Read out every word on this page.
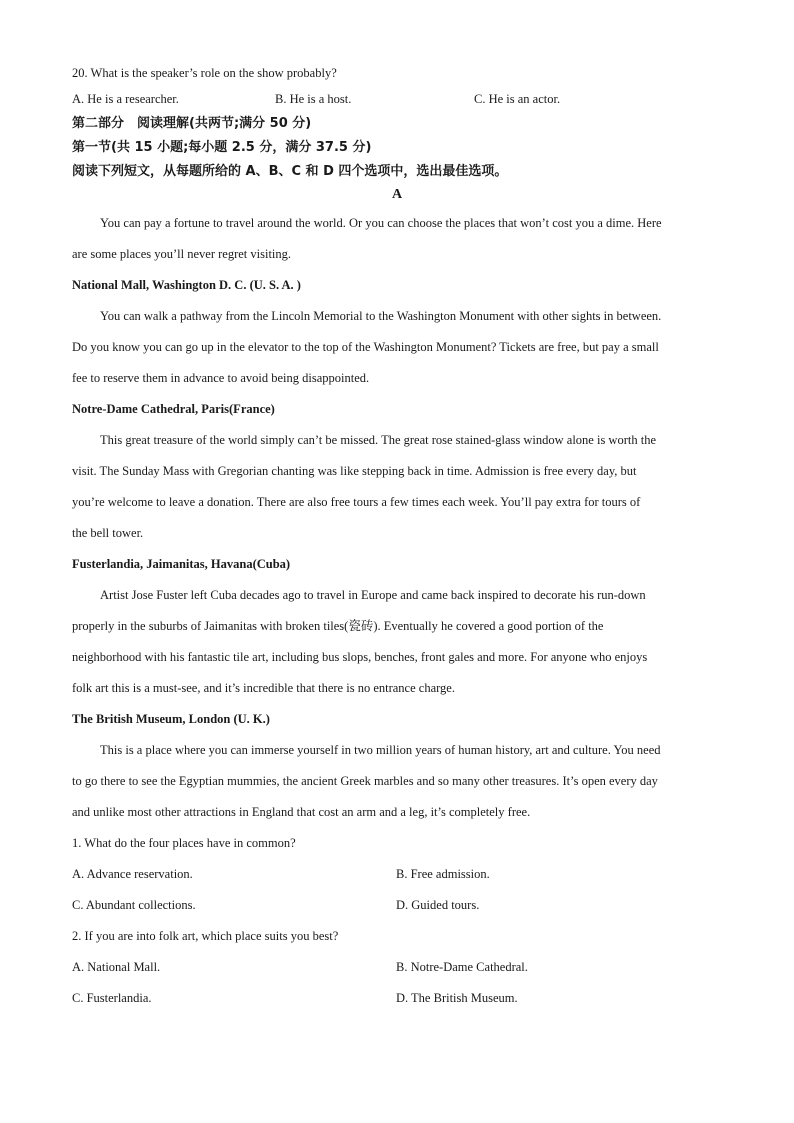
20. What is the speaker’s role on the show probably?
A. He is a researcher.	B. He is a host.	C. He is an actor.
第二部分　阅读理解(共两节;满分 50 分)
第一节(共 15 小题;每小题 2.5 分，满分 37.5 分)
阅读下列短文，从每题所给的 A、B、C 和 D 四个选项中，选出最佳选项。
A
You can pay a fortune to travel around the world. Or you can choose the places that won’t cost you a dime. Here
are some places you’ll never regret visiting.
National Mall, Washington D. C. (U. S. A. )
You can walk a pathway from the Lincoln Memorial to the Washington Monument with other sights in between.
Do you know you can go up in the elevator to the top of the Washington Monument? Tickets are free, but pay a small
fee to reserve them in advance to avoid being disappointed.
Notre-Dame Cathedral, Paris(France)
This great treasure of the world simply can’t be missed. The great rose stained-glass window alone is worth the
visit. The Sunday Mass with Gregorian chanting was like stepping back in time. Admission is free every day, but
you’re welcome to leave a donation. There are also free tours a few times each week. You’ll pay extra for tours of
the bell tower.
Fusterlandia, Jaimanitas, Havana(Cuba)
Artist Jose Fuster left Cuba decades ago to travel in Europe and came back inspired to decorate his run-down
properly in the suburbs of Jaimanitas with broken tiles(瓷砖). Eventually he covered a good portion of the
neighborhood with his fantastic tile art, including bus slops, benches, front gales and more. For anyone who enjoys
folk art this is a must-see, and it’s incredible that there is no entrance charge.
The British Museum, London (U. K.)
This is a place where you can immerse yourself in two million years of human history, art and culture. You need
to go there to see the Egyptian mummies, the ancient Greek marbles and so many other treasures. It’s open every day
and unlike most other attractions in England that cost an arm and a leg, it’s completely free.
1. What do the four places have in common?
A. Advance reservation.	B. Free admission.
C. Abundant collections.	D. Guided tours.
2. If you are into folk art, which place suits you best?
A. National Mall.	B. Notre-Dame Cathedral.
C. Fusterlandia.	D. The British Museum.
